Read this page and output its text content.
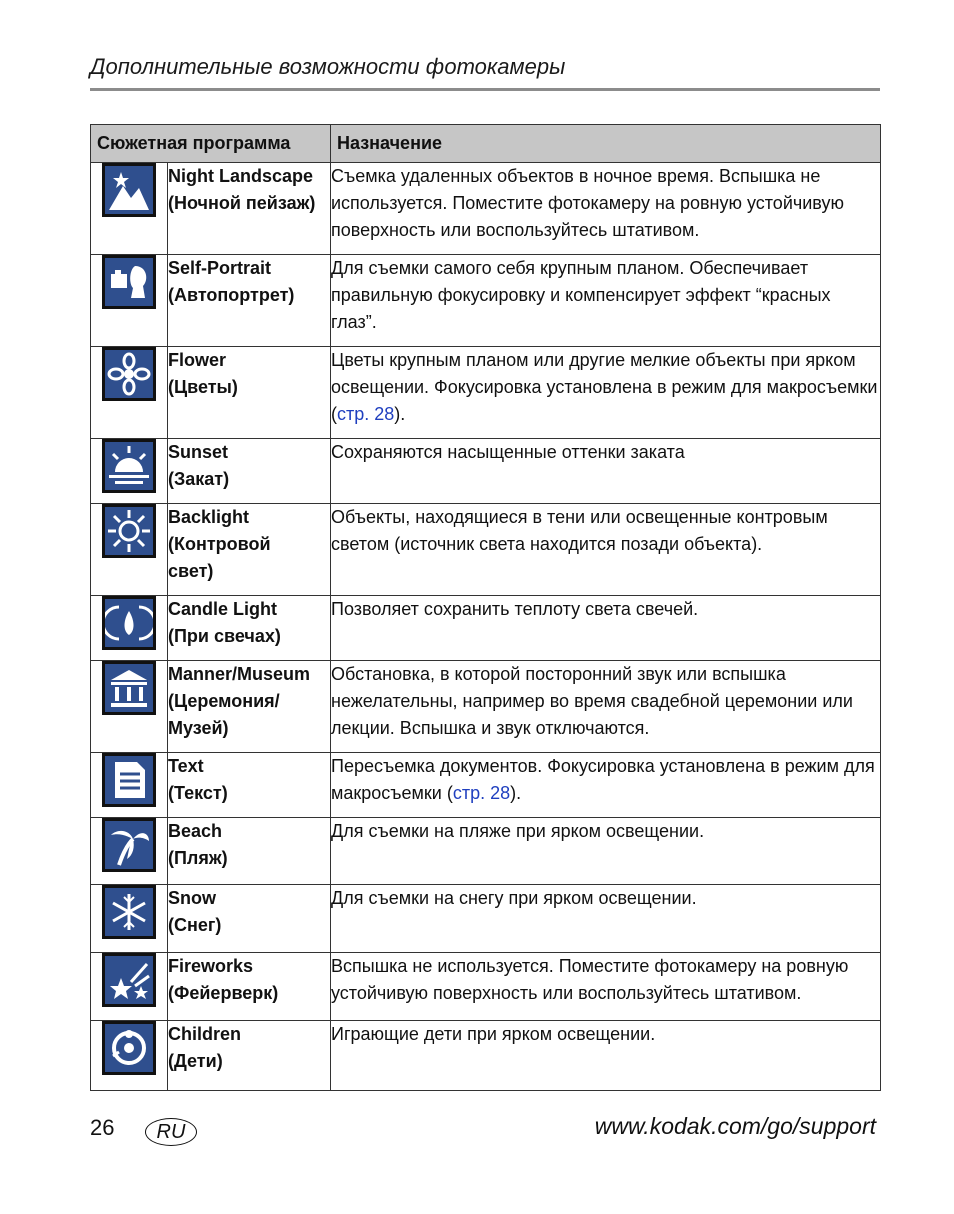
Дополнительные возможности фотокамеры
Сюжетная программа		Назначение

Night Landscape
(Ночной пейзаж)	Съемка удаленных объектов в ночное время. Вспышка не используется. Поместите фотокамеру на ровную устойчивую поверхность или воспользуйтесь штативом.

Self-Portrait
(Автопортрет)	Для съемки самого себя крупным планом. Обеспечивает правильную фокусировку и компенсирует эффект “красных глаз”.

Flower
(Цветы)	Цветы крупным планом или другие мелкие объекты при ярком освещении. Фокусировка установлена в режим для макросъемки (стр. 28).

Sunset
(Закат)	Сохраняются насыщенные оттенки заката

Backlight
(Контровой
свет)	Объекты, находящиеся в тени или освещенные контровым светом (источник света находится позади объекта).

Candle Light
(При свечах)	Позволяет сохранить теплоту света свечей.

Manner/Museum
(Церемония/
Музей)	Обстановка, в которой посторонний звук или вспышка нежелательны, например во время свадебной церемонии или лекции. Вспышка и звук отключаются.

Text
(Текст)	Пересъемка документов. Фокусировка установлена в режим для макросъемки (стр. 28).

Beach
(Пляж)	Для съемки на пляже при ярком освещении.

Snow
(Снег)	Для съемки на снегу при ярком освещении.

Fireworks
(Фейерверк)	Вспышка не используется. Поместите фотокамеру на ровную устойчивую поверхность или воспользуйтесь штативом.

Children
(Дети)	Играющие дети при ярком освещении.
26	RU	www.kodak.com/go/support
